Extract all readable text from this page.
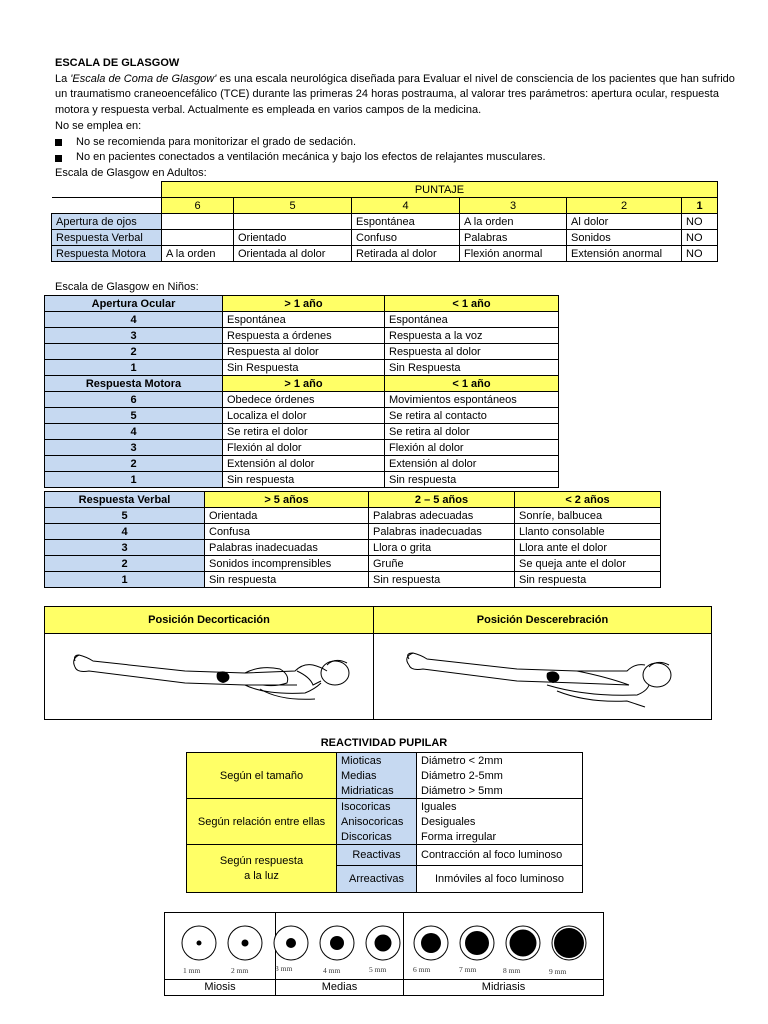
ESCALA DE GLASGOW

La 'Escala de Coma de Glasgow' es una escala neurológica diseñada para Evaluar el nivel de consciencia de los pacientes que han sufrido un traumatismo craneoencefálico (TCE) durante las primeras 24 horas postrauma, al valorar tres parámetros: apertura ocular, respuesta motora y respuesta verbal. Actualmente es empleada en varios campos de la medicina.

No se emplea en:

No se recomienda para monitorizar el grado de sedación.

No en pacientes conectados a ventilación mecánica y bajo los efectos de relajantes musculares.

Escala de Glasgow en Adultos:

	PUNTAJE					
	6	5	4	3	2	1
Apertura de ojos			Espontánea	A la orden	Al dolor	NO
Respuesta Verbal		Orientado	Confuso	Palabras	Sonidos	NO
Respuesta Motora	A la orden	Orientada al dolor	Retirada al dolor	Flexión anormal	Extensión anormal	NO
Escala de Glasgow en Niños:
Apertura Ocular	> 1 año	< 1 año
4	Espontánea	Espontánea
3	Respuesta a órdenes	Respuesta a la voz
2	Respuesta al dolor	Respuesta al dolor
1	Sin Respuesta	Sin Respuesta
Respuesta Motora	> 1 año	< 1 año
6	Obedece órdenes	Movimientos espontáneos
5	Localiza el dolor	Se retira al contacto
4	Se retira el dolor	Se retira al dolor
3	Flexión al dolor	Flexión al dolor
2	Extensión al dolor	Extensión al dolor
1	Sin respuesta	Sin respuesta
Respuesta Verbal	> 5 años	2 – 5 años	< 2 años
5	Orientada	Palabras adecuadas	Sonríe, balbucea
4	Confusa	Palabras inadecuadas	Llanto consolable
3	Palabras inadecuadas	Llora o grita	Llora ante el dolor
2	Sonidos incomprensibles	Gruñe	Se queja ante el dolor
1	Sin respuesta	Sin respuesta	Sin respuesta
Posición Decorticación	Posición Descerebración
REACTIVIDAD PUPILAR
Según el tamaño	Mioticas	Diámetro < 2mm
	Medias	Diámetro 2-5mm
	Midriaticas	Diámetro > 5mm
Según relación entre ellas	Isocoricas	Iguales
	Anisocoricas	Desiguales
	Discoricas	Forma irregular

Según respuesta
a la luz	Reactivas	Contracción al foco luminoso
	Arreactivas	Inmóviles al foco luminoso
1 mm	2 mm	3 mm	4 mm	5 mm	6 mm	7 mm	8 mm	9 mm
Miosis	Medias	Midriasis
